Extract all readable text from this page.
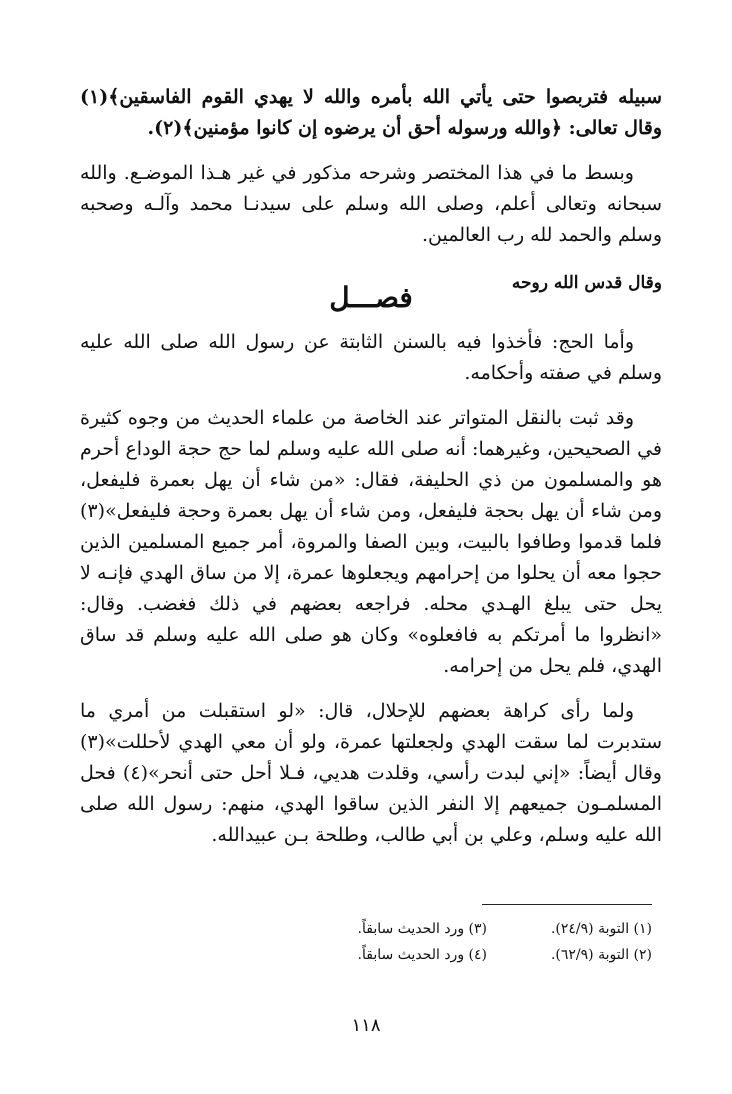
سبيله فتربصوا حتى يأتي الله بأمره والله لا يهدي القوم الفاسقين﴾(١) وقال تعالى: ﴿والله ورسوله أحق أن يرضوه إن كانوا مؤمنين﴾(٢).

وبسط ما في هذا المختصر وشرحه مذكور في غير هـذا الموضـع. والله سبحانه وتعالى أعلم، وصلى الله وسلم على سيدنـا محمد وآلـه وصحبه وسلم والحمد لله رب العالمين.

وقال قدس الله روحه
فصـــل

وأما الحج: فأخذوا فيه بالسنن الثابتة عن رسول الله صلى الله عليه وسلم في صفته وأحكامه.

وقد ثبت بالنقل المتواتر عند الخاصة من علماء الحديث من وجوه كثيرة في الصحيحين، وغيرهما: أنه صلى الله عليه وسلم لما حج حجة الوداع أحرم هو والمسلمون من ذي الحليفة، فقال: «من شاء أن يهل بعمرة فليفعل، ومن شاء أن يهل بحجة فليفعل، ومن شاء أن يهل بعمرة وحجة فليفعل»(٣) فلما قدموا وطافوا بالبيت، وبين الصفا والمروة، أمر جميع المسلمين الذين حجوا معه أن يحلوا من إحرامهم ويجعلوها عمرة، إلا من ساق الهدي فإنـه لا يحل حتى يبلغ الهـدي محله. فراجعه بعضهم في ذلك فغضب. وقال: «انظروا ما أمرتكم به فافعلوه» وكان هو صلى الله عليه وسلم قد ساق الهدي، فلم يحل من إحرامه.

ولما رأى كراهة بعضهم للإحلال، قال: «لو استقبلت من أمري ما ستدبرت لما سقت الهدي ولجعلتها عمرة، ولو أن معي الهدي لأحللت»(٣) وقال أيضاً: «إني لبدت رأسي، وقلدت هديي، فـلا أحل حتى أنحر»(٤) فحل المسلمـون جميعهم إلا النفر الذين ساقوا الهدي، منهم: رسول الله صلى الله عليه وسلم، وعلي بن أبي طالب، وطلحة بـن عبيدالله.

(١) التوبة (٢٤/٩).
(٣) ورد الحديث سابقاً.
(٢) التوبة (٦٢/٩).
(٤) ورد الحديث سابقاً.
١١٨
